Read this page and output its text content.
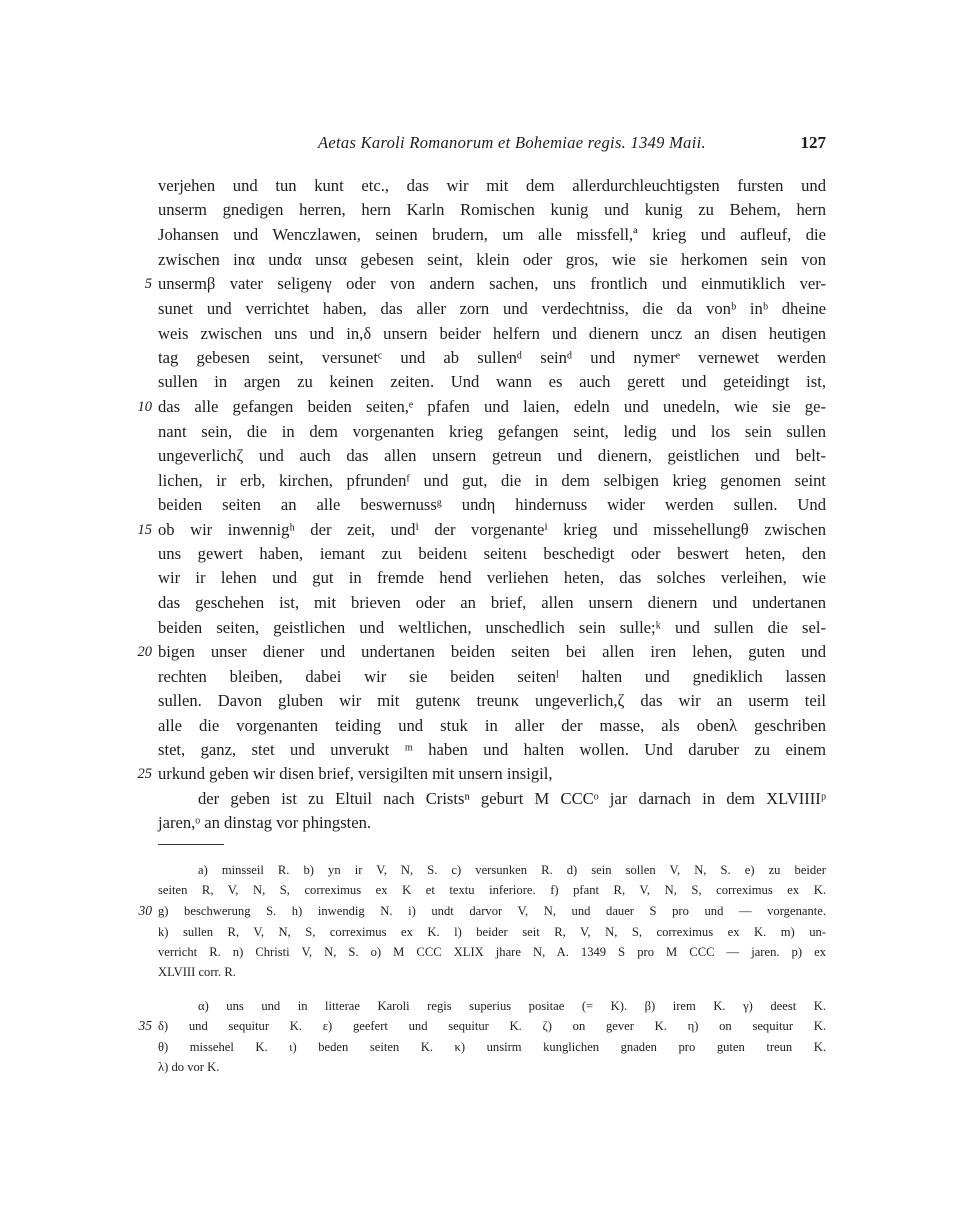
Aetas Karoli Romanorum et Bohemiae regis. 1349 Maii.	127
verjehen und tun kunt etc., das wir mit dem allerdurchleuchtigsten fursten und
unserm gnedigen herren, hern Karln Romischen kunig und kunig zu Behem, hern
Johansen und Wenczlawen, seinen brudern, um alle missfell,ª krieg und aufleuf, die
zwischen inα undα unsα gebesen seint, klein oder gros, wie sie herkomen sein von
unsermβ vater seligenγ oder von andern sachen, uns frontlich und einmutiklich ver-
sunet und verrichtet haben, das aller zorn und verdechtniss, die da vonᵇ inᵇ dheine
weis zwischen uns und in,δ unsern beider helfern und dienern uncz an disen heutigen
tag gebesen seint, versunetᶜ und ab sullenᵈ seinᵈ und nymerᵉ vernewet werden
sullen in argen zu keinen zeiten. Und wann es auch gerett und geteidingt ist,
das alle gefangen beiden seiten,ᵉ pfafen und laien, edeln und unedeln, wie sie ge-
nant sein, die in dem vorgenanten krieg gefangen seint, ledig und los sein sullen
ungeverlichζ und auch das allen unsern getreun und dienern, geistlichen und belt-
lichen, ir erb, kirchen, pfrundenᶠ und gut, die in dem selbigen krieg genomen seint
beiden seiten an alle beswernussᵍ undη hindernuss wider werden sullen. Und
ob wir inwennigʰ der zeit, undⁱ der vorgenanteⁱ krieg und missehellungθ zwischen
uns gewert haben, iemant zuι beidenι seitenι beschedigt oder beswert heten, den
wir ir lehen und gut in fremde hend verliehen heten, das solches verleihen, wie
das geschehen ist, mit brieven oder an brief, allen unsern dienern und undertanen
beiden seiten, geistlichen und weltlichen, unschedlich sein sulle;ᵏ und sullen die sel-
bigen unser diener und undertanen beiden seiten bei allen iren lehen, guten und
rechten bleiben, dabei wir sie beiden seitenˡ halten und gnediklich lassen
sullen. Davon gluben wir mit gutenκ treunκ ungeverlich,ζ das wir an userm teil
alle die vorgenanten teiding und stuk in aller der masse, als obenλ geschriben
stet, ganz, stet und unverukt ᵐ haben und halten wollen. Und daruber zu einem
urkund geben wir disen brief, versigilten mit unsern insigil,
der geben ist zu Eltuil nach Cristsⁿ geburt M CCCᵒ jar darnach in dem XLVIIIIᵖ
jaren,ᵒ an dinstag vor phingsten.
5
10
15
20
25
a) minsseil R. b) yn ir V, N, S. c) versunken R. d) sein sollen V, N, S. e) zu beider
seiten R, V, N, S, correximus ex K et textu inferiore. f) pfant R, V, N, S, correximus ex K.
g) beschwerung S. h) inwendig N. i) undt darvor V, N, und dauer S pro und — vorgenante.
k) sullen R, V, N, S, correximus ex K. l) beider seit R, V, N, S, correximus ex K. m) un-
verricht R. n) Christi V, N, S. o) M CCC XLIX jhare N, A. 1349 S pro M CCC — jaren. p) ex
XLVIII corr. R.
α) uns und in litterae Karoli regis superius positae (= K). β) irem K. γ) deest K.
δ) und sequitur K. ε) geefert und sequitur K. ζ) on gever K. η) on sequitur K.
θ) missehel K. ι) beden seiten K. κ) unsirm kunglichen gnaden pro guten treun K.
λ) do vor K.
30
35
